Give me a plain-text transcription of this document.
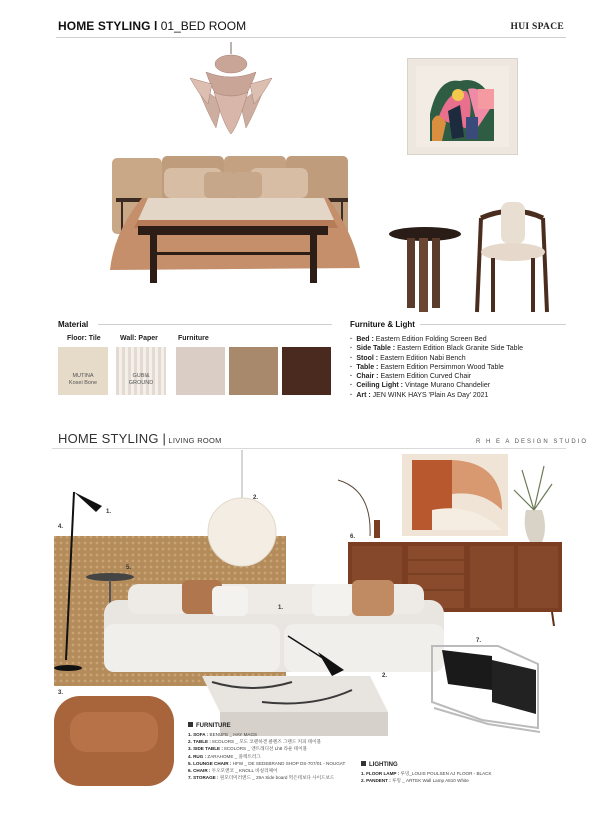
HOME STYLING l 01_BED ROOM	HUI SPACE
Material
Floor: Tile
MUTINA
Kosei Bone
Wall: Paper
GUBI&
GROUND
Furniture
Furniture & Light
· Bed : Eastern Edition Folding Screen Bed
· Side Table : Eastern Edition Black Granite Side Table
· Stool : Eastern Edition Nabi Bench
· Table : Eastern Edition Persimmon Wood Table
· Chair : Eastern Edition Curved Chair
· Ceiling Light : Vintage Murano Chandelier
· Art : JEN WINK HAYS 'Plain As Day' 2021
HOME STYLING | LIVING ROOM	R H E A DESIGN STUDIO
1.
2.
4.
5.
6.
1.
3.
2.
7.
FURNITURE
1. SOFA : BENUFE _ HAY MAGS
2. TABLE : 8COLORS _ 모도 코펜하겐 클렌즈 그랜드 커피 테이블
3. SIDE TABLE : 8COLORS _ 앤트래디션 Lh8 라운 테이블
4. RUG : ZARAHOME _ 플렉트러그
5. LOUNGE CHAIR : HFW _ DE SEDEBRAND SHOP DS-707/01 - NOUGAT
6. CHAIR : 두오모앤코 _ KNOLL 바실리체어
7. STORAGE : 원모더미러앤드 _ 29A Side board 먹은테보다 사이드보드
LIGHTING
1. FLOOR LAMP : 루밍_LOUIS POULSEN AJ FLOOR - BLACK
2. PANDENT : 루밍 _ ARTEK Wall Lamp A810 White
